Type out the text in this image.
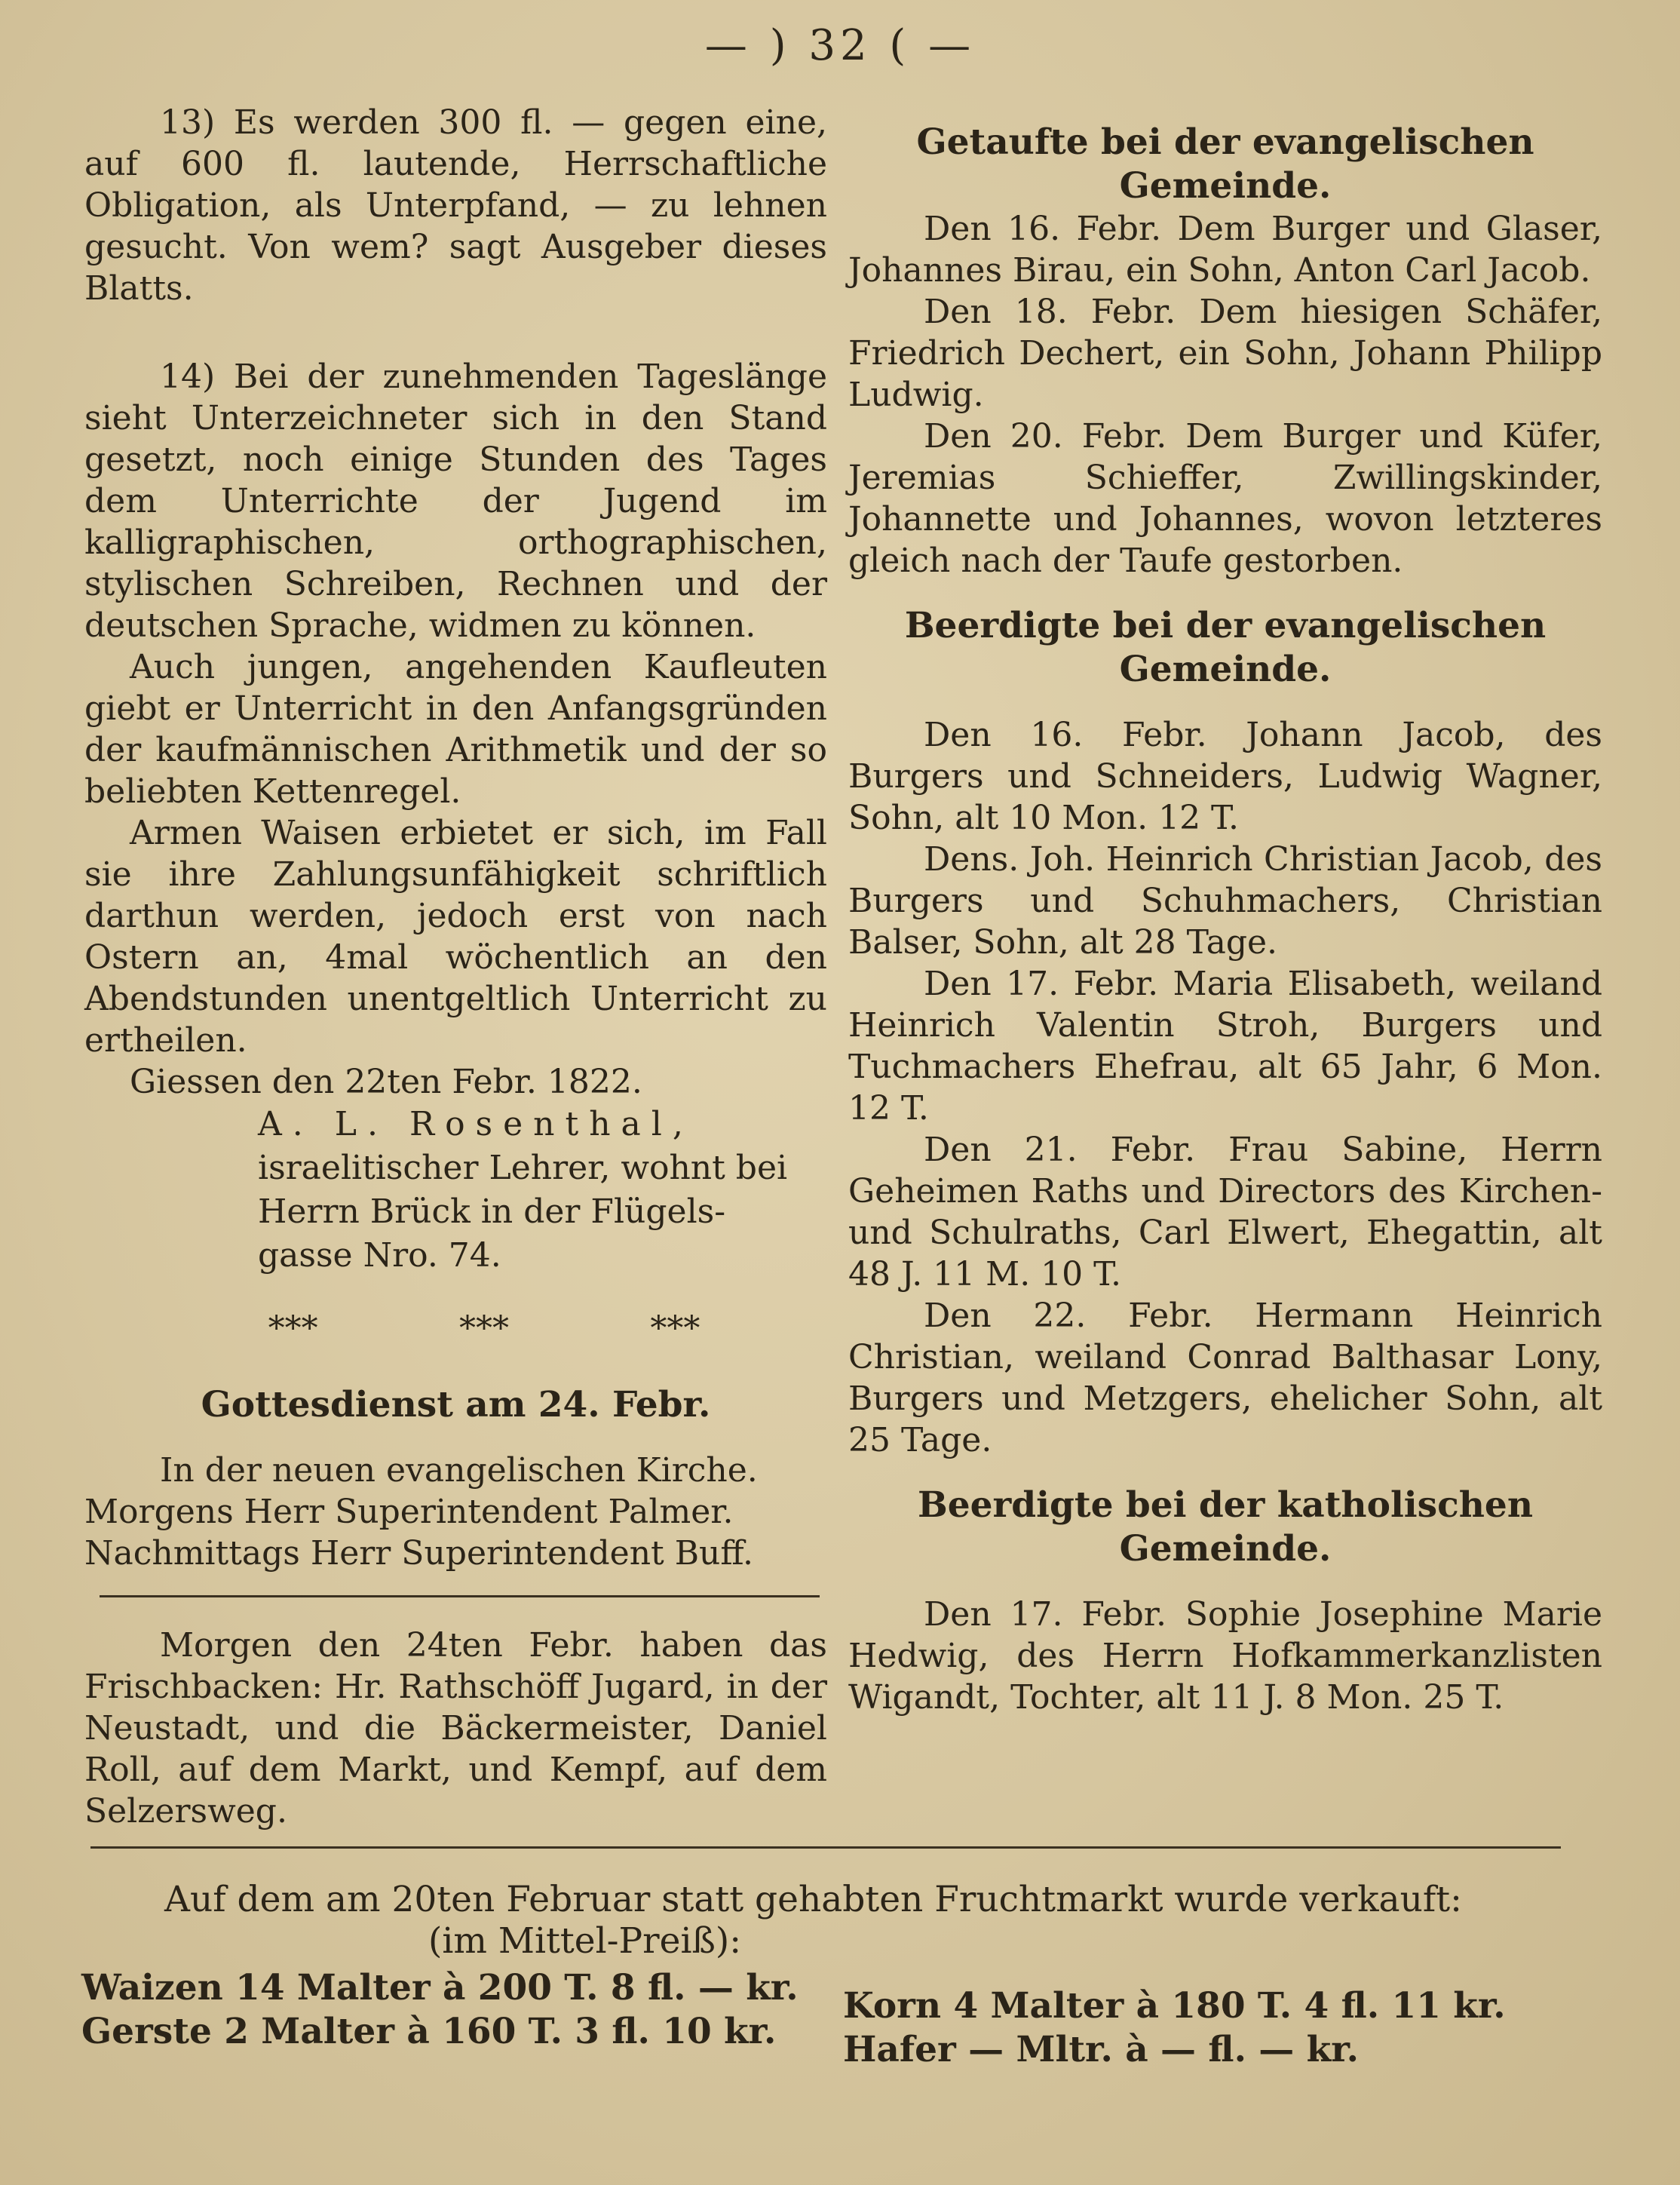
— ) 32 ( —

13) Es werden 300 fl. — gegen eine, auf 600 fl. lautende, Herrschaftliche Obligation, als Unterpfand, — zu lehnen gesucht. Von wem? sagt Ausgeber dieses Blatts.

14) Bei der zunehmenden Tageslänge sieht Unterzeichneter sich in den Stand gesetzt, noch einige Stunden des Tages dem Unterrichte der Jugend im kalligraphischen, orthographischen, stylischen Schreiben, Rechnen und der deutschen Sprache, widmen zu können.

Auch jungen, angehenden Kaufleuten giebt er Unterricht in den Anfangsgründen der kaufmännischen Arithmetik und der so beliebten Kettenregel.

Armen Waisen erbietet er sich, im Fall sie ihre Zahlungsunfähigkeit schriftlich darthun werden, jedoch erst von nach Ostern an, 4mal wöchentlich an den Abendstunden unentgeltlich Unterricht zu ertheilen.

Giessen den 22ten Febr. 1822.

A. L. Rosenthal,
israelitischer Lehrer, wohnt bei
Herrn Brück in der Flügels-
gasse Nro. 74.
***	***	***
Gottesdienst am 24. Febr.

In der neuen evangelischen Kirche.

Morgens Herr Superintendent Palmer.

Nachmittags Herr Superintendent Buff.

Morgen den 24ten Febr. haben das Frischbacken: Hr. Rathschöff Jugard, in der Neustadt, und die Bäckermeister, Daniel Roll, auf dem Markt, und Kempf, auf dem Selzersweg.

Getaufte bei der evangelischen Gemeinde.

Den 16. Febr. Dem Burger und Glaser, Johannes Birau, ein Sohn, Anton Carl Jacob.

Den 18. Febr. Dem hiesigen Schäfer, Friedrich Dechert, ein Sohn, Johann Philipp Ludwig.

Den 20. Febr. Dem Burger und Küfer, Jeremias Schieffer, Zwillingskinder, Johannette und Johannes, wovon letzteres gleich nach der Taufe gestorben.

Beerdigte bei der evangelischen Gemeinde.

Den 16. Febr. Johann Jacob, des Burgers und Schneiders, Ludwig Wagner, Sohn, alt 10 Mon. 12 T.

Dens. Joh. Heinrich Christian Jacob, des Burgers und Schuhmachers, Christian Balser, Sohn, alt 28 Tage.

Den 17. Febr. Maria Elisabeth, weiland Heinrich Valentin Stroh, Burgers und Tuchmachers Ehefrau, alt 65 Jahr, 6 Mon. 12 T.

Den 21. Febr. Frau Sabine, Herrn Geheimen Raths und Directors des Kirchen- und Schulraths, Carl Elwert, Ehegattin, alt 48 J. 11 M. 10 T.

Den 22. Febr. Hermann Heinrich Christian, weiland Conrad Balthasar Lony, Burgers und Metzgers, ehelicher Sohn, alt 25 Tage.

Beerdigte bei der katholischen Gemeinde.

Den 17. Febr. Sophie Josephine Marie Hedwig, des Herrn Hofkammerkanzlisten Wigandt, Tochter, alt 11 J. 8 Mon. 25 T.

Auf dem am 20ten Februar statt gehabten Fruchtmarkt wurde verkauft:
(im Mittel-Preiß):
Waizen 14 Malter à 200 T. 8 fl. — kr.
Gerste 2 Malter à 160 T. 3 fl. 10 kr.
Korn 4 Malter à 180 T. 4 fl. 11 kr.
Hafer — Mltr. à — fl. — kr.
